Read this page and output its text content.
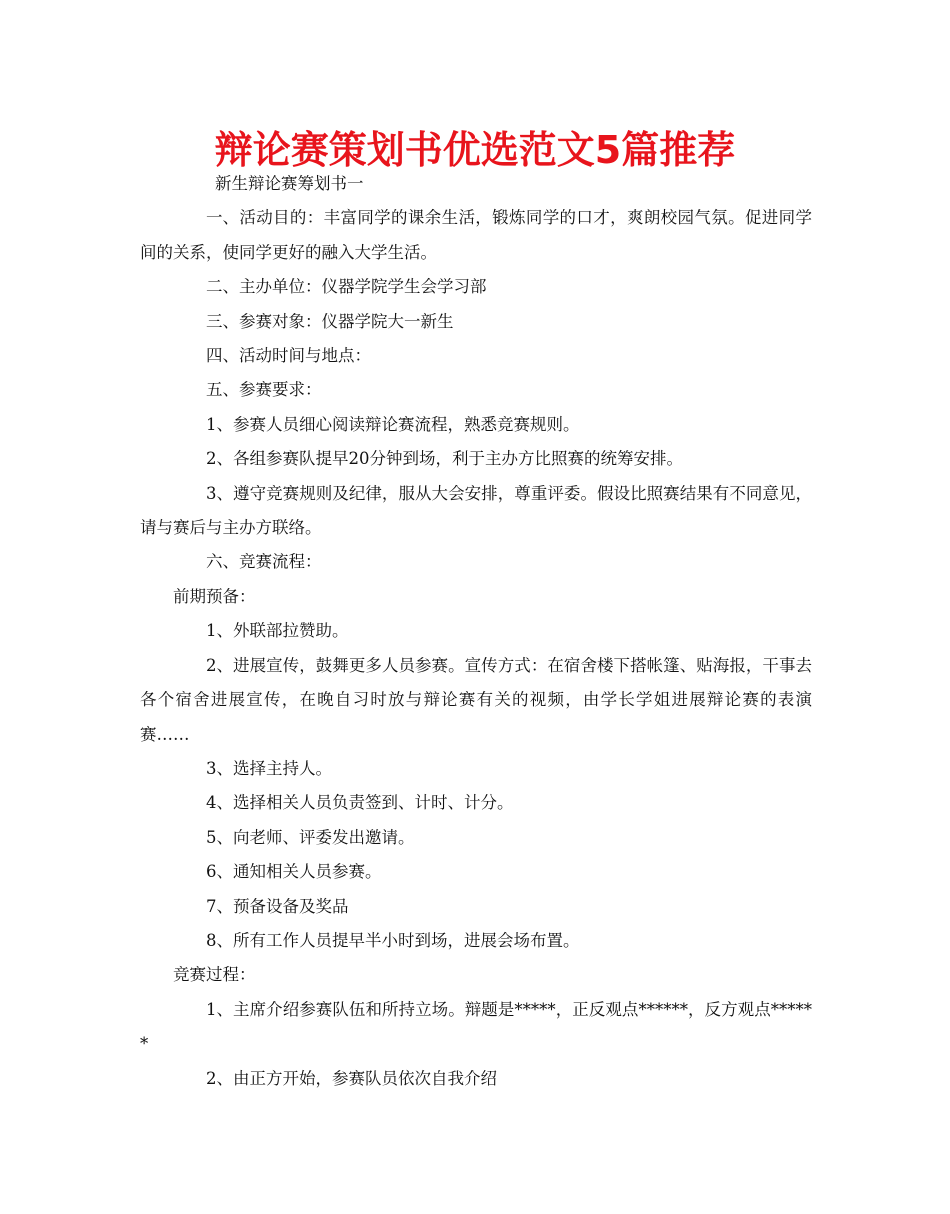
辩论赛策划书优选范文5篇推荐

新生辩论赛筹划书一

一、活动目的：丰富同学的课余生活，锻炼同学的口才，爽朗校园气氛。促进同学间的关系，使同学更好的融入大学生活。

二、主办单位：仪器学院学生会学习部

三、参赛对象：仪器学院大一新生

四、活动时间与地点：

五、参赛要求：

1、参赛人员细心阅读辩论赛流程，熟悉竞赛规则。

2、各组参赛队提早20分钟到场，利于主办方比照赛的统筹安排。

3、遵守竞赛规则及纪律，服从大会安排，尊重评委。假设比照赛结果有不同意见，请与赛后与主办方联络。

六、竞赛流程：

前期预备：

1、外联部拉赞助。

2、进展宣传，鼓舞更多人员参赛。宣传方式：在宿舍楼下搭帐篷、贴海报，干事去各个宿舍进展宣传，在晚自习时放与辩论赛有关的视频，由学长学姐进展辩论赛的表演赛……

3、选择主持人。

4、选择相关人员负责签到、计时、计分。

5、向老师、评委发出邀请。

6、通知相关人员参赛。

7、预备设备及奖品

8、所有工作人员提早半小时到场，进展会场布置。

竞赛过程：

1、主席介绍参赛队伍和所持立场。辩题是*****，正反观点******，反方观点******

2、由正方开始，参赛队员依次自我介绍
